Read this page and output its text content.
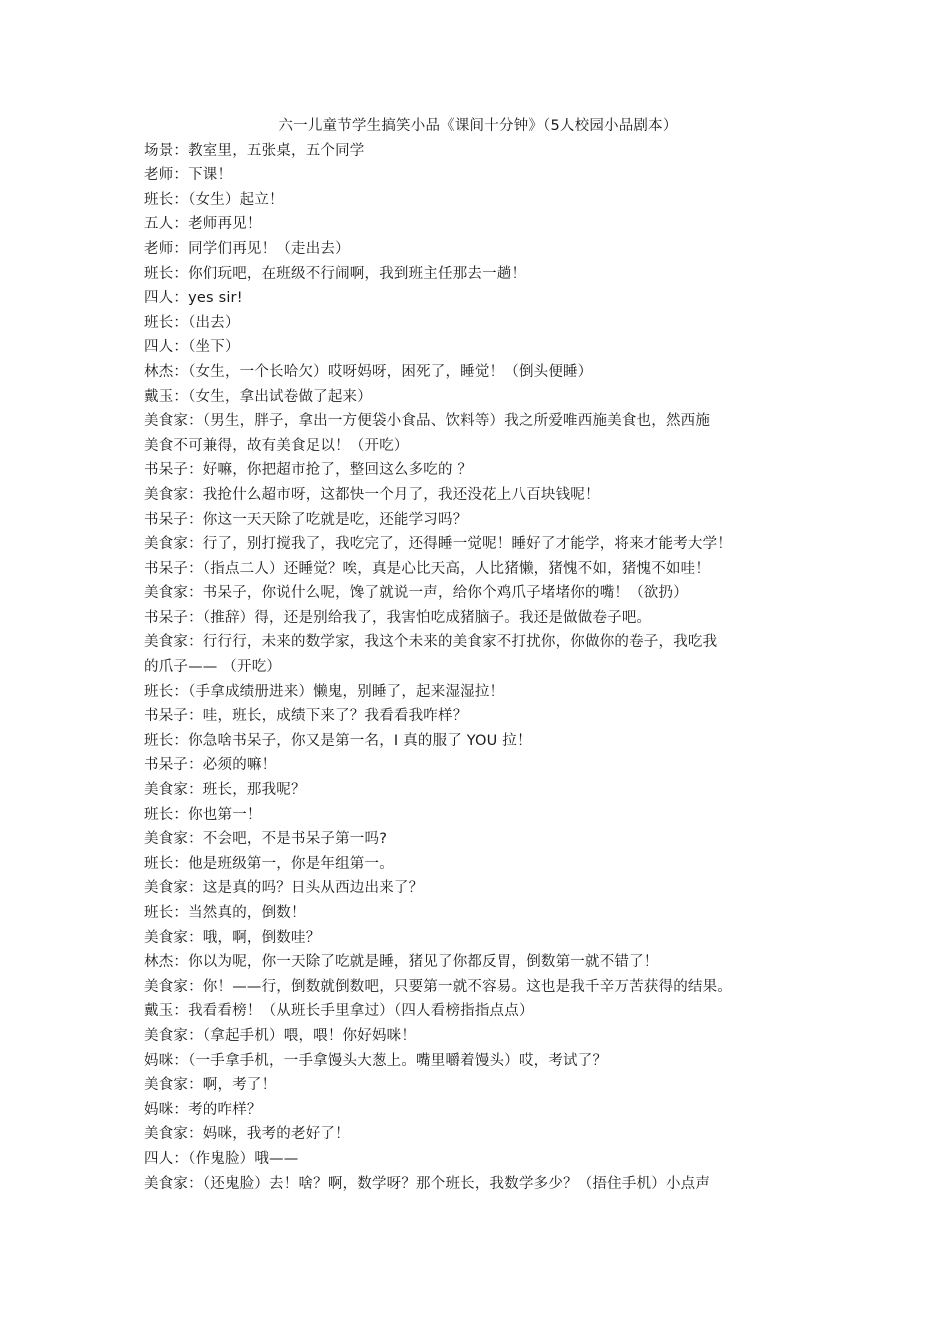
六一儿童节学生搞笑小品《课间十分钟》（5人校园小品剧本）
场景：教室里，五张桌，五个同学
老师：下课！
班长：（女生）起立！
五人：老师再见！
老师：同学们再见！（走出去）
班长：你们玩吧，在班级不行闹啊，我到班主任那去一趟！
四人：yes sir!
班长：（出去）
四人：（坐下）
林杰：（女生，一个长哈欠）哎呀妈呀，困死了，睡觉！（倒头便睡）
戴玉：（女生，拿出试卷做了起来）
美食家：（男生，胖子，拿出一方便袋小食品、饮料等）我之所爱唯西施美食也，然西施
美食不可兼得，故有美食足以！（开吃）
书呆子：好嘛，你把超市抢了，整回这么多吃的 ？
美食家：我抢什么超市呀，这都快一个月了，我还没花上八百块钱呢！
书呆子：你这一天天除了吃就是吃，还能学习吗？
美食家：行了，别打搅我了，我吃完了，还得睡一觉呢！睡好了才能学，将来才能考大学！
书呆子：（指点二人）还睡觉？唉，真是心比天高，人比猪懒，猪愧不如，猪愧不如哇！
美食家：书呆子，你说什么呢，馋了就说一声，给你个鸡爪子堵堵你的嘴！（欲扔）
书呆子：（推辞）得，还是别给我了，我害怕吃成猪脑子。我还是做做卷子吧。
美食家：行行行，未来的数学家，我这个未来的美食家不打扰你，你做你的卷子，我吃我
的爪子—— （开吃）
班长：（手拿成绩册进来）懒鬼，别睡了，起来湿湿拉！
书呆子：哇，班长，成绩下来了？我看看我咋样？
班长：你急啥书呆子，你又是第一名，I 真的服了 YOU 拉！
书呆子：必须的嘛！
美食家：班长，那我呢？
班长：你也第一！
美食家：不会吧，不是书呆子第一吗?
班长：他是班级第一，你是年组第一。
美食家：这是真的吗？日头从西边出来了？
班长：当然真的，倒数！
美食家：哦，啊，倒数哇？
林杰：你以为呢，你一天除了吃就是睡，猪见了你都反胃，倒数第一就不错了！
美食家：你！——行，倒数就倒数吧，只要第一就不容易。这也是我千辛万苦获得的结果。
戴玉：我看看榜！（从班长手里拿过）（四人看榜指指点点）
美食家：（拿起手机）喂，喂！你好妈咪！
妈咪：（一手拿手机，一手拿馒头大葱上。嘴里嚼着馒头）哎，考试了？
美食家：啊，考了！
妈咪：考的咋样？
美食家：妈咪，我考的老好了！
四人：（作鬼脸）哦——
美食家：（还鬼脸）去！啥？啊，数学呀？那个班长，我数学多少？（捂住手机）小点声
